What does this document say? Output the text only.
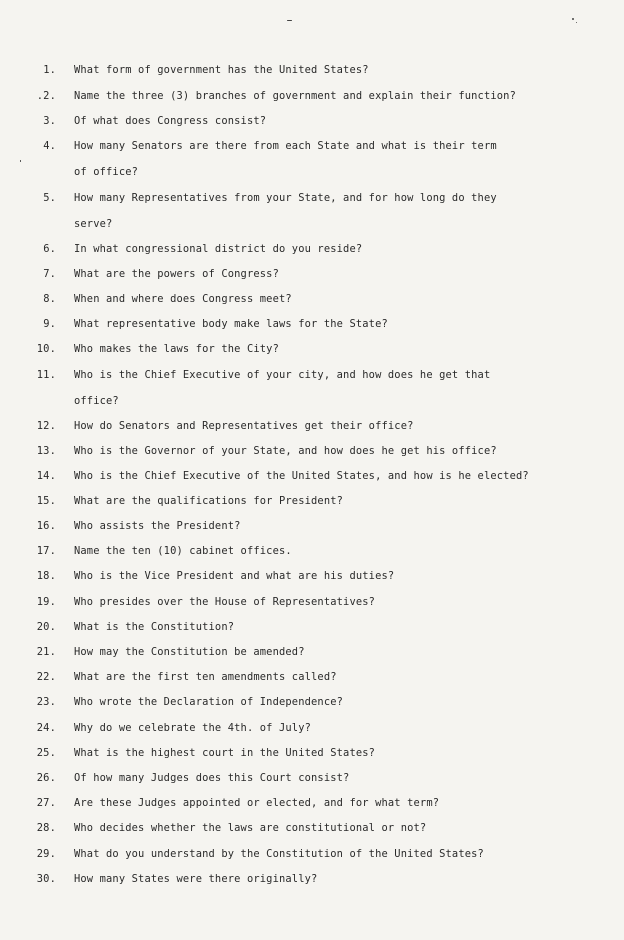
1. What form of government has the United States?
.2. Name the three (3) branches of government and explain their function?
3. Of what does Congress consist?
4. How many Senators are there from each State and what is their term
of office?
5. How many Representatives from your State, and for how long do they
serve?
6. In what congressional district do you reside?
7. What are the powers of Congress?
8. When and where does Congress meet?
9. What representative body make laws for the State?
10. Who makes the laws for the City?
11. Who is the Chief Executive of your city, and how does he get that
office?
12. How do Senators and Representatives get their office?
13. Who is the Governor of your State, and how does he get his office?
14. Who is the Chief Executive of the United States, and how is he elected?
15. What are the qualifications for President?
16. Who assists the President?
17. Name the ten (10) cabinet offices.
18. Who is the Vice President and what are his duties?
19. Who presides over the House of Representatives?
20. What is the Constitution?
21. How may the Constitution be amended?
22. What are the first ten amendments called?
23. Who wrote the Declaration of Independence?
24. Why do we celebrate the 4th. of July?
25. What is the highest court in the United States?
26. Of how many Judges does this Court consist?
27. Are these Judges appointed or elected, and for what term?
28. Who decides whether the laws are constitutional or not?
29. What do you understand by the Constitution of the United States?
30. How many States were there originally?
